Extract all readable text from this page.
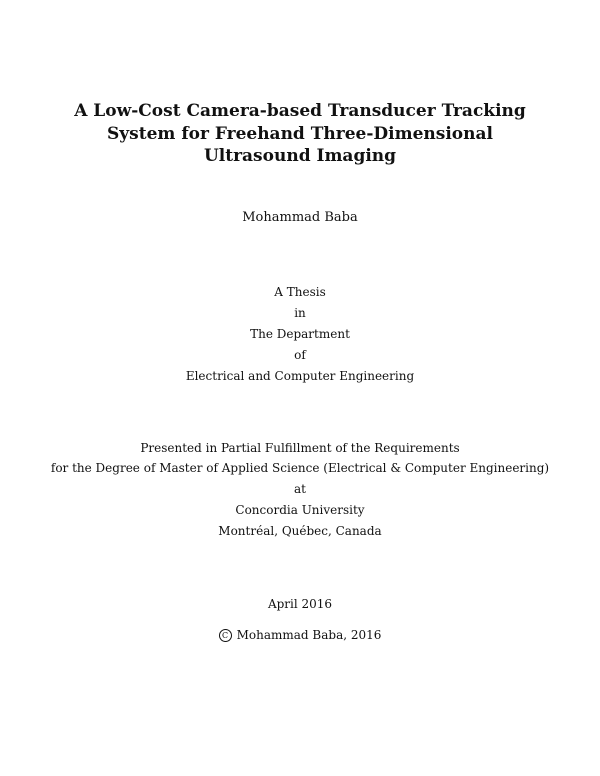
A Low-Cost Camera-based Transducer Tracking
System for Freehand Three-Dimensional
Ultrasound Imaging
Mohammad Baba
A Thesis
in
The Department
of
Electrical and Computer Engineering
Presented in Partial Fulfillment of the Requirements
for the Degree of Master of Applied Science (Electrical & Computer Engineering)
at
Concordia University
Montréal, Québec, Canada
April 2016
C Mohammad Baba, 2016
